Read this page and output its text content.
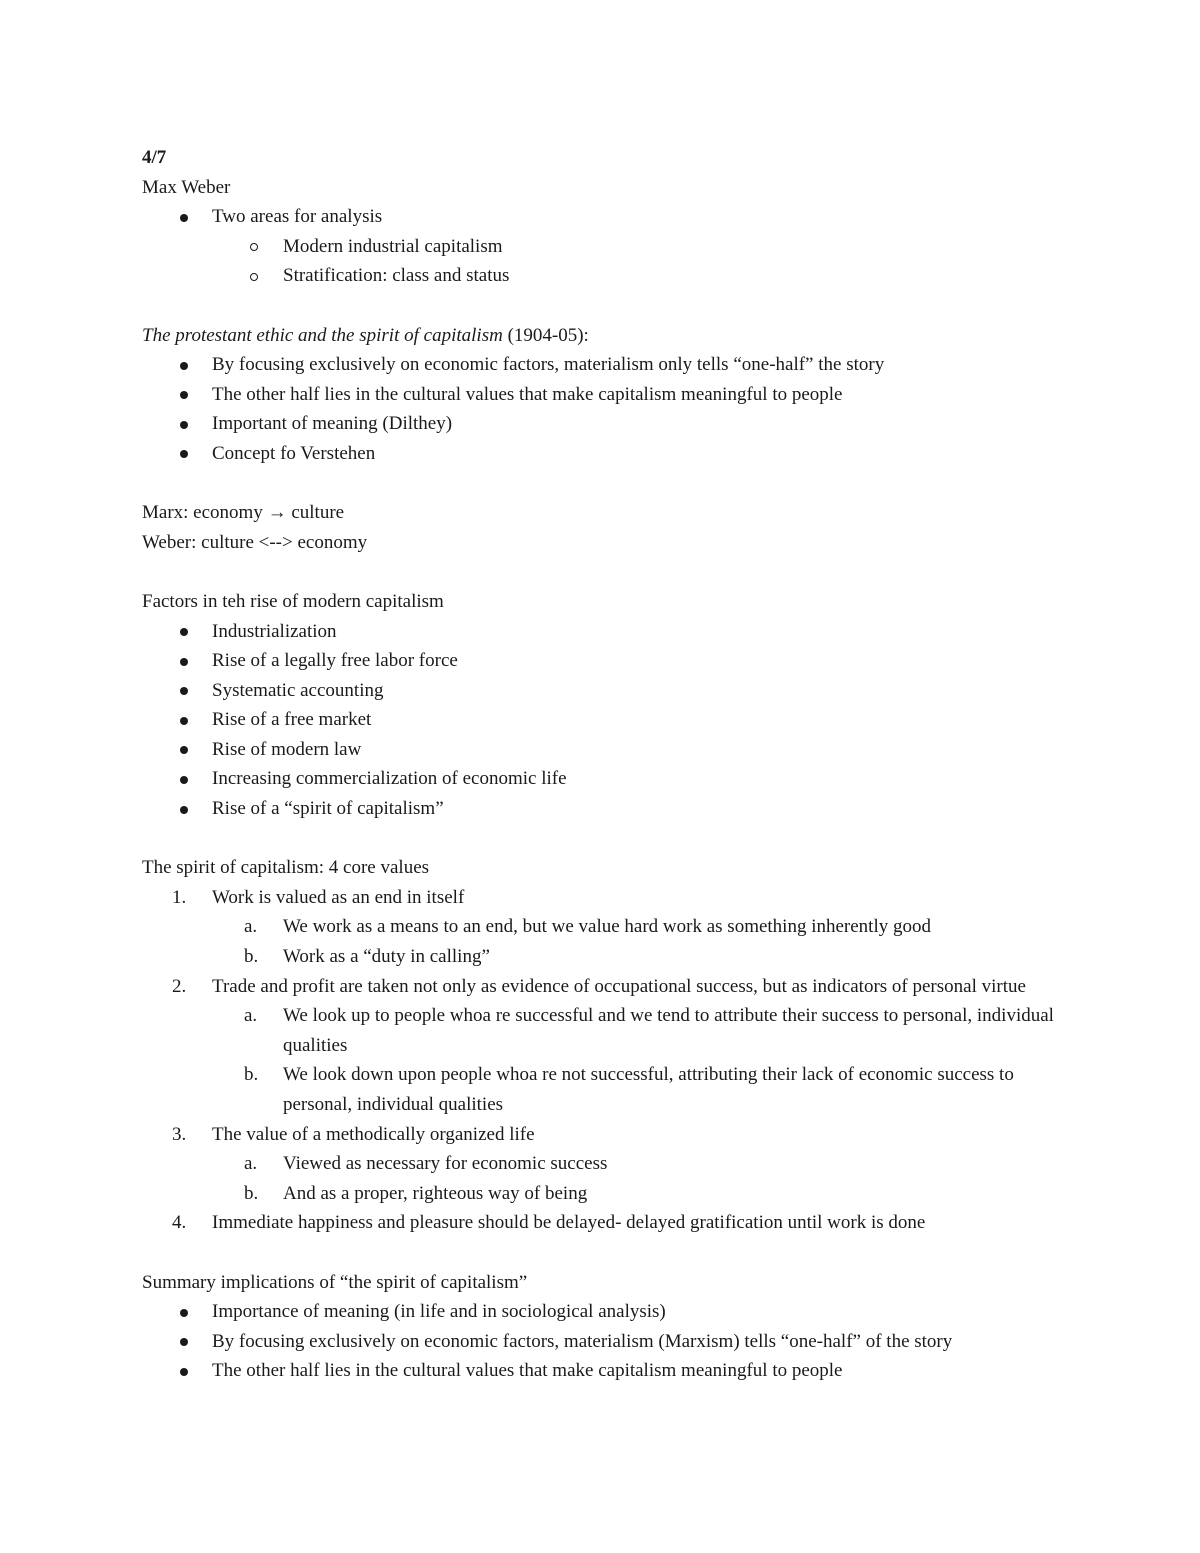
4/7
Max Weber
Two areas for analysis
Modern industrial capitalism
Stratification: class and status
The protestant ethic and the spirit of capitalism (1904-05):
By focusing exclusively on economic factors, materialism only tells “one-half” the story
The other half lies in the cultural values that make capitalism meaningful to people
Important of meaning (Dilthey)
Concept fo Verstehen
Marx: economy → culture
Weber: culture <--> economy
Factors in teh rise of modern capitalism
Industrialization
Rise of a legally free labor force
Systematic accounting
Rise of a free market
Rise of modern law
Increasing commercialization of economic life
Rise of a “spirit of capitalism”
The spirit of capitalism: 4 core values
1.	Work is valued as an end in itself
a.	We work as a means to an end, but we value hard work as something inherently good
b.	Work as a “duty in calling”
2.	Trade and profit are taken not only as evidence of occupational success, but as indicators of personal virtue
a.	We look up to people whoa re successful and we tend to attribute their success to personal, individual qualities
b.	We look down upon people whoa re not successful, attributing their lack of economic success to personal, individual qualities
3.	The value of a methodically organized life
a.	Viewed as necessary for economic success
b.	And as a proper, righteous way of being
4.	Immediate happiness and pleasure should be delayed- delayed gratification until work is done
Summary implications of “the spirit of capitalism”
Importance of meaning (in life and in sociological analysis)
By focusing exclusively on economic factors, materialism (Marxism) tells “one-half” of the story
The other half lies in the cultural values that make capitalism meaningful to people
